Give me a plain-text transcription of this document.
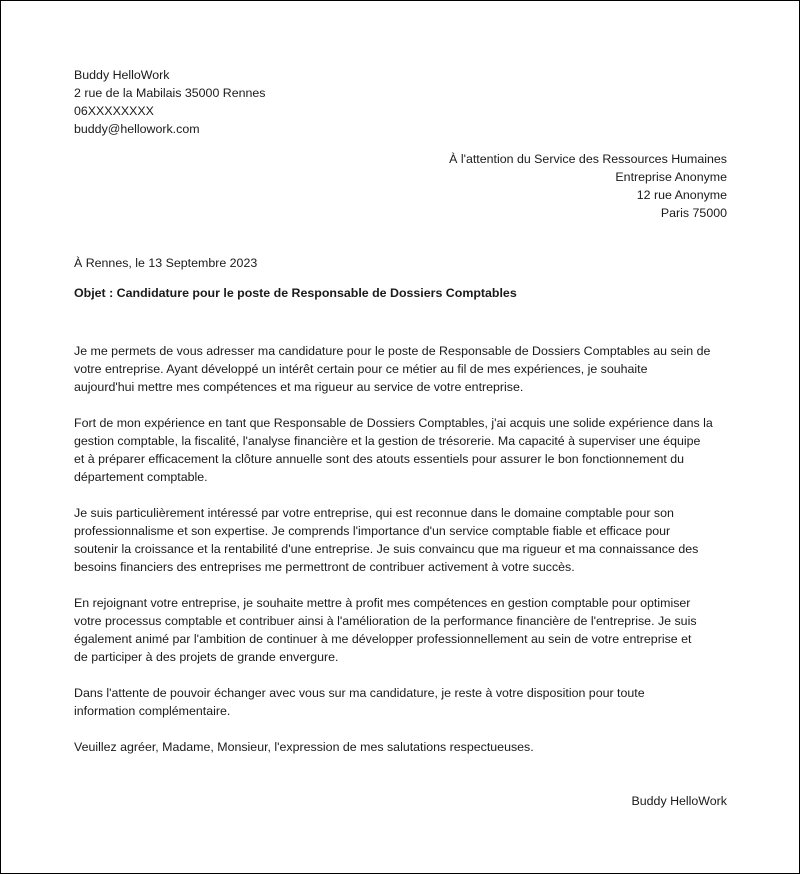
Buddy HelloWork
2 rue de la Mabilais 35000 Rennes
06XXXXXXXX
buddy@hellowork.com
À l'attention du Service des Ressources Humaines
Entreprise Anonyme
12 rue Anonyme
Paris 75000
À Rennes, le 13 Septembre 2023
Objet : Candidature pour le poste de Responsable de Dossiers Comptables

Je me permets de vous adresser ma candidature pour le poste de Responsable de Dossiers Comptables au sein de
votre entreprise. Ayant développé un intérêt certain pour ce métier au fil de mes expériences, je souhaite
aujourd'hui mettre mes compétences et ma rigueur au service de votre entreprise.

Fort de mon expérience en tant que Responsable de Dossiers Comptables, j'ai acquis une solide expérience dans la
gestion comptable, la fiscalité, l'analyse financière et la gestion de trésorerie. Ma capacité à superviser une équipe
et à préparer efficacement la clôture annuelle sont des atouts essentiels pour assurer le bon fonctionnement du
département comptable.

Je suis particulièrement intéressé par votre entreprise, qui est reconnue dans le domaine comptable pour son
professionnalisme et son expertise. Je comprends l'importance d'un service comptable fiable et efficace pour
soutenir la croissance et la rentabilité d'une entreprise. Je suis convaincu que ma rigueur et ma connaissance des
besoins financiers des entreprises me permettront de contribuer activement à votre succès.

En rejoignant votre entreprise, je souhaite mettre à profit mes compétences en gestion comptable pour optimiser
votre processus comptable et contribuer ainsi à l'amélioration de la performance financière de l'entreprise. Je suis
également animé par l'ambition de continuer à me développer professionnellement au sein de votre entreprise et
de participer à des projets de grande envergure.

Dans l'attente de pouvoir échanger avec vous sur ma candidature, je reste à votre disposition pour toute
information complémentaire.

Veuillez agréer, Madame, Monsieur, l'expression de mes salutations respectueuses.

Buddy HelloWork
